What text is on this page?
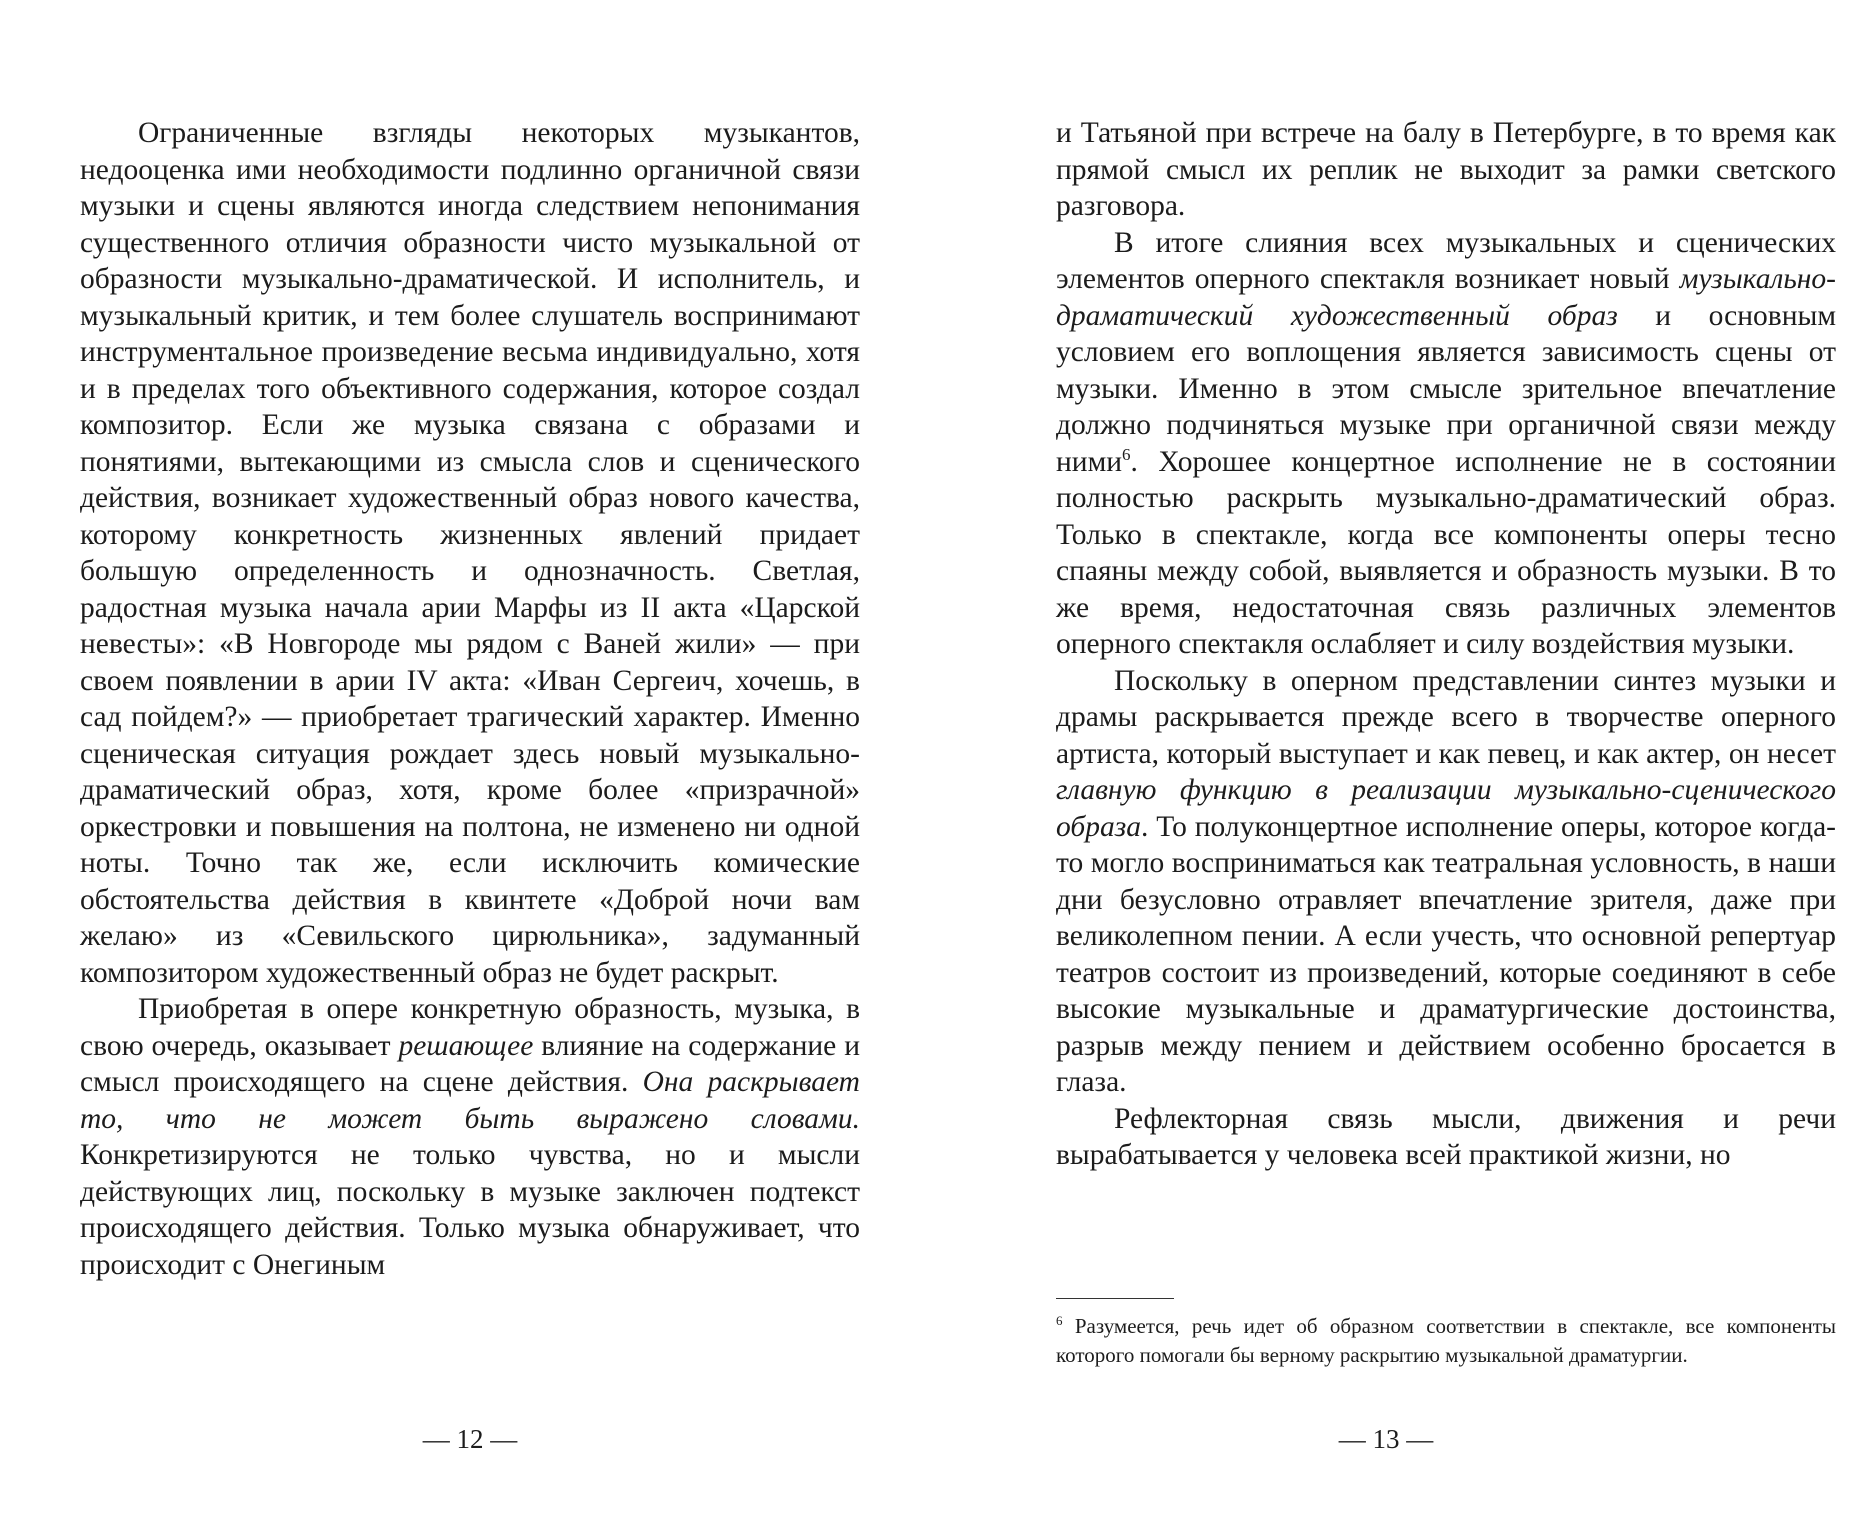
Ограниченные взгляды некоторых музыкантов, недооценка ими необходимости подлинно органичной связи музыки и сцены являются иногда следствием непонимания существенного отличия образности чисто музыкальной от образности музыкально-драматической. И исполнитель, и музыкальный критик, и тем более слушатель воспринимают инструментальное произведение весьма индивидуально, хотя и в пределах того объективного содержания, которое создал композитор. Если же музыка связана с образами и понятиями, вытекающими из смысла слов и сценического действия, возникает художественный образ нового качества, которому конкретность жизненных явлений придает большую определенность и однозначность. Светлая, радостная музыка начала арии Марфы из II акта «Царской невесты»: «В Новгороде мы рядом с Ваней жили» — при своем появлении в арии IV акта: «Иван Сергеич, хочешь, в сад пойдем?» — приобретает трагический характер. Именно сценическая ситуация рождает здесь новый музыкально-драматический образ, хотя, кроме более «призрачной» оркестровки и повышения на полтона, не изменено ни одной ноты. Точно так же, если исключить комические обстоятельства действия в квинтете «Доброй ночи вам желаю» из «Севильского цирюльника», задуманный композитором художественный образ не будет раскрыт.

Приобретая в опере конкретную образность, музыка, в свою очередь, оказывает решающее влияние на содержание и смысл происходящего на сцене действия. Она раскрывает то, что не может быть выражено словами. Конкретизируются не только чувства, но и мысли действующих лиц, поскольку в музыке заключен подтекст происходящего действия. Только музыка обнаруживает, что происходит с Онегиным

— 12 —

и Татьяной при встрече на балу в Петербурге, в то время как прямой смысл их реплик не выходит за рамки светского разговора.

В итоге слияния всех музыкальных и сценических элементов оперного спектакля возникает новый музыкально-драматический художественный образ и основным условием его воплощения является зависимость сцены от музыки. Именно в этом смысле зрительное впечатление должно подчиняться музыке при органичной связи между ними$^6$. Хорошее концертное исполнение не в состоянии полностью раскрыть музыкально-драматический образ. Только в спектакле, когда все компоненты оперы тесно спаяны между собой, выявляется и образность музыки. В то же время, недостаточная связь различных элементов оперного спектакля ослабляет и силу воздействия музыки.

Поскольку в оперном представлении синтез музыки и драмы раскрывается прежде всего в творчестве оперного артиста, который выступает и как певец, и как актер, он несет главную функцию в реализации музыкально-сценического образа. То полуконцертное исполнение оперы, которое когда-то могло восприниматься как театральная условность, в наши дни безусловно отравляет впечатление зрителя, даже при великолепном пении. А если учесть, что основной репертуар театров состоит из произведений, которые соединяют в себе высокие музыкальные и драматургические достоинства, разрыв между пением и действием особенно бросается в глаза.

Рефлекторная связь мысли, движения и речи вырабатывается у человека всей практикой жизни, но

$^6$ Разумеется, речь идет об образном соответствии в спектакле, все компоненты которого помогали бы верному раскрытию музыкальной драматургии.

— 13 —
